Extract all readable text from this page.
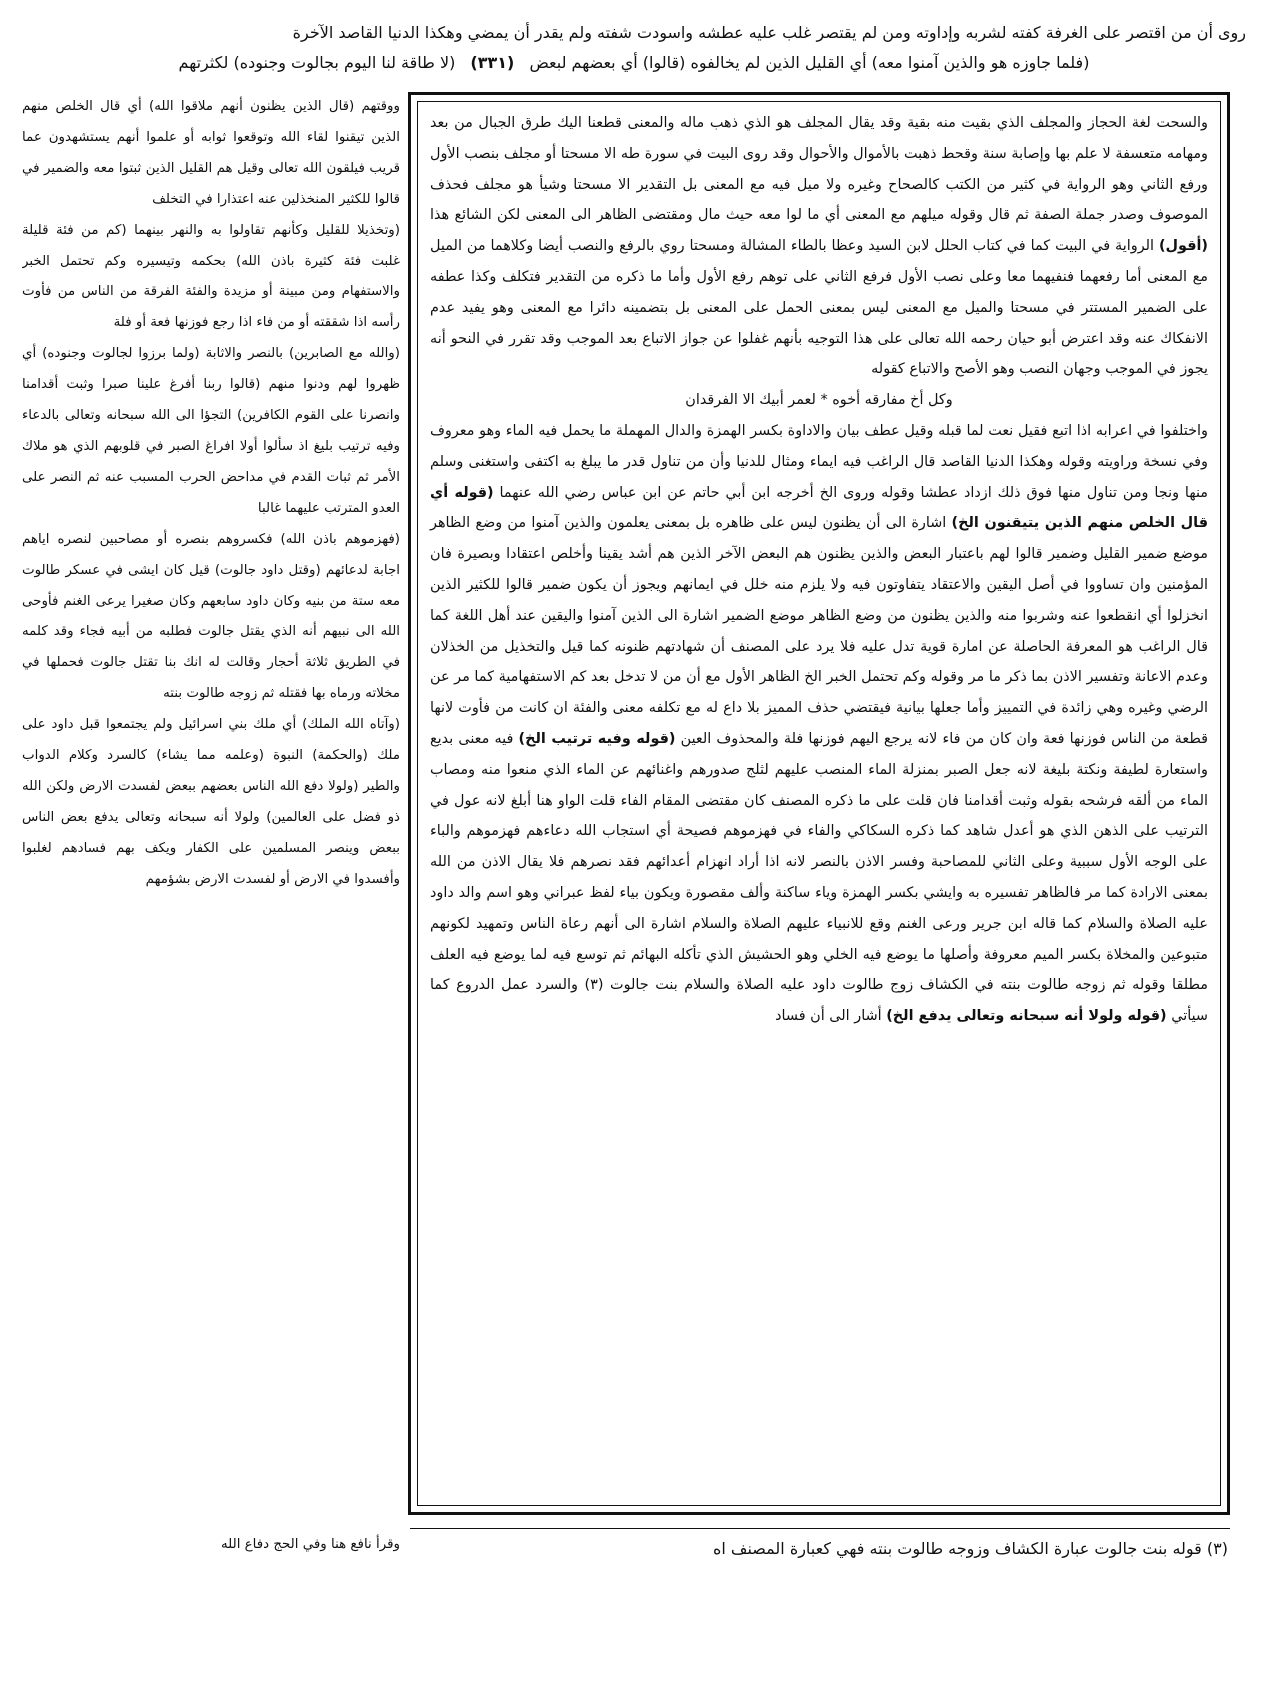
روى أن من اقتصر على الغرفة كفته لشربه وإداوته ومن لم يقتصر غلب عليه عطشه واسودت شفته ولم يقدر أن يمضي وهكذا الدنيا القاصد الآخرة
(فلما جاوزه هو والذين آمنوا معه) أي القليل الذين لم يخالفوه (قالوا) أي بعضهم لبعض (٣٣١) (لا طاقة لنا اليوم بجالوت وجنوده) لكثرتهم

والسحت لغة الحجاز والمجلف الذي بقيت منه بقية وقد يقال المجلف هو الذي ذهب ماله والمعنى قطعنا اليك طرق الجبال من بعد ومهامه متعسفة لا علم بها وإصابة سنة وقحط ذهبت بالأموال والأحوال وقد روى البيت في سورة طه الا مسحتا أو مجلف بنصب الأول ورفع الثاني وهو الرواية في كثير من الكتب كالصحاح وغيره ولا ميل فيه مع المعنى بل التقدير الا مسحتا وشيأ هو مجلف فحذف الموصوف وصدر جملة الصفة ثم قال وقوله ميلهم مع المعنى أي ما لوا معه حيث مال ومقتضى الظاهر الى المعنى لكن الشائع هذا (أقول) الرواية في البيت كما في كتاب الحلل لابن السيد وعظا بالطاء المشالة ومسحتا روي بالرفع والنصب أيضا وكلاهما من الميل مع المعنى أما رفعهما فنفيهما معا وعلى نصب الأول فرفع الثاني على توهم رفع الأول وأما ما ذكره من التقدير فتكلف وكذا عطفه على الضمير المستتر في مسحتا والميل مع المعنى ليس بمعنى الحمل على المعنى بل بتضمينه دائرا مع المعنى وهو يفيد عدم الانفكاك عنه وقد اعترض أبو حيان رحمه الله تعالى على هذا التوجيه بأنهم غفلوا عن جواز الاتباع بعد الموجب وقد تقرر في النحو أنه يجوز في الموجب وجهان النصب وهو الأصح والاتباع كقوله

وكل أخ مفارقه أخوه * لعمر أبيك الا الفرقدان

واختلفوا في اعرابه اذا اتبع فقيل نعت لما قبله وقيل عطف بيان والاداوة بكسر الهمزة والدال المهملة ما يحمل فيه الماء وهو معروف وفي نسخة وراويته وقوله وهكذا الدنيا القاصد قال الراغب فيه ايماء ومثال للدنيا وأن من تناول قدر ما يبلغ به اكتفى واستغنى وسلم منها ونجا ومن تناول منها فوق ذلك ازداد عطشا وقوله وروى الخ أخرجه ابن أبي حاتم عن ابن عباس رضي الله عنهما (قوله أي قال الخلص منهم الذين يتيقنون الخ) اشارة الى أن يظنون ليس على ظاهره بل بمعنى يعلمون والذين آمنوا من وضع الظاهر موضع ضمير القليل وضمير قالوا لهم باعتبار البعض والذين يظنون هم البعض الآخر الذين هم أشد يقينا وأخلص اعتقادا وبصيرة فان المؤمنين وان تساووا في أصل اليقين والاعتقاد يتفاوتون فيه ولا يلزم منه خلل في ايمانهم ويجوز أن يكون ضمير قالوا للكثير الذين انخزلوا أي انقطعوا عنه وشربوا منه والذين يظنون من وضع الظاهر موضع الضمير اشارة الى الذين آمنوا واليقين عند أهل اللغة كما قال الراغب هو المعرفة الحاصلة عن امارة قوية تدل عليه فلا يرد على المصنف أن شهادتهم ظنونه كما قيل والتخذيل من الخذلان وعدم الاعانة وتفسير الاذن بما ذكر ما مر وقوله وكم تحتمل الخبر الخ الظاهر الأول مع أن من لا تدخل بعد كم الاستفهامية كما مر عن الرضي وغيره وهي زائدة في التمييز وأما جعلها بيانية فيقتضي حذف المميز بلا داع له مع تكلفه معنى والفئة ان كانت من فأوت لانها قطعة من الناس فوزنها فعة وان كان من فاء لانه يرجع اليهم فوزنها فلة والمحذوف العين (قوله وفيه ترتيب الخ) فيه معنى بديع واستعارة لطيفة ونكتة بليغة لانه جعل الصبر بمنزلة الماء المنصب عليهم لثلج صدورهم واغنائهم عن الماء الذي منعوا منه ومصاب الماء من ألقه فرشحه بقوله وثبت أقدامنا فان قلت على ما ذكره المصنف كان مقتضى المقام الفاء قلت الواو هنا أبلغ لانه عول في الترتيب على الذهن الذي هو أعدل شاهد كما ذكره السكاكي والفاء في فهزموهم فصيحة أي استجاب الله دعاءهم فهزموهم والباء على الوجه الأول سببية وعلى الثاني للمصاحبة وفسر الاذن بالنصر لانه اذا أراد انهزام أعدائهم فقد نصرهم فلا يقال الاذن من الله بمعنى الارادة كما مر فالظاهر تفسيره به وايشي بكسر الهمزة وياء ساكنة وألف مقصورة ويكون بياء لفظ عبراني وهو اسم والد داود عليه الصلاة والسلام كما قاله ابن جرير ورعى الغنم وقع للانبياء عليهم الصلاة والسلام اشارة الى أنهم رعاة الناس وتمهيد لكونهم متبوعين والمخلاة بكسر الميم معروفة وأصلها ما يوضع فيه الخلي وهو الحشيش الذي تأكله البهائم ثم توسع فيه لما يوضع فيه العلف مطلقا وقوله ثم زوجه طالوت بنته في الكشاف زوج طالوت داود عليه الصلاة والسلام بنت جالوت (٣) والسرد عمل الدروع كما سيأتي (قوله ولولا أنه سبحانه وتعالى يدفع الخ) أشار الى أن فساد

ووقتهم (قال الذين يظنون أنهم ملاقوا الله) أي قال الخلص منهم الذين تيقنوا لقاء الله وتوقعوا ثوابه أو علموا أنهم يستشهدون عما قريب فيلقون الله تعالى وقيل هم القليل الذين ثبتوا معه والضمير في قالوا للكثير المنخذلين عنه اعتذارا في التخلف

(وتخذيلا للقليل وكأنهم تقاولوا به والنهر بينهما (كم من فئة قليلة غلبت فئة كثيرة باذن الله) بحكمه وتيسيره وكم تحتمل الخبر والاستفهام ومن مبينة أو مزيدة والفئة الفرقة من الناس من فأوت رأسه اذا شققته أو من فاء اذا رجع فوزنها فعة أو فلة

(والله مع الصابرين) بالنصر والاثابة (ولما برزوا لجالوت وجنوده) أي ظهروا لهم ودنوا منهم (قالوا ربنا أفرغ علينا صبرا وثبت أقدامنا وانصرنا على القوم الكافرين) التجؤا الى الله سبحانه وتعالى بالدعاء وفيه ترتيب بليغ اذ سألوا أولا افراغ الصبر في قلوبهم الذي هو ملاك الأمر ثم ثبات القدم في مداحض الحرب المسبب عنه ثم النصر على العدو المترتب عليهما غالبا

(فهزموهم باذن الله) فكسروهم بنصره أو مصاحبين لنصره اياهم اجابة لدعائهم (وقتل داود جالوت) قيل كان ايشى في عسكر طالوت معه ستة من بنيه وكان داود سابعهم وكان صغيرا يرعى الغنم فأوحى الله الى نبيهم أنه الذي يقتل جالوت فطلبه من أبيه فجاء وقد كلمه في الطريق ثلاثة أحجار وقالت له انك بنا تقتل جالوت فحملها في مخلاته ورماه بها فقتله ثم زوجه طالوت بنته

(وآتاه الله الملك) أي ملك بني اسرائيل ولم يجتمعوا قبل داود على ملك (والحكمة) النبوة (وعلمه مما يشاء) كالسرد وكلام الدواب والطير (ولولا دفع الله الناس بعضهم ببعض لفسدت الارض ولكن الله ذو فضل على العالمين) ولولا أنه سبحانه وتعالى يدفع بعض الناس ببعض وينصر المسلمين على الكفار ويكف بهم فسادهم لغلبوا وأفسدوا في الارض أو لفسدت الارض بشؤمهم

وقرأ نافع هنا وفي الحج دفاع الله	(٣) قوله بنت جالوت عبارة الكشاف وزوجه طالوت بنته فهي كعبارة المصنف اه
